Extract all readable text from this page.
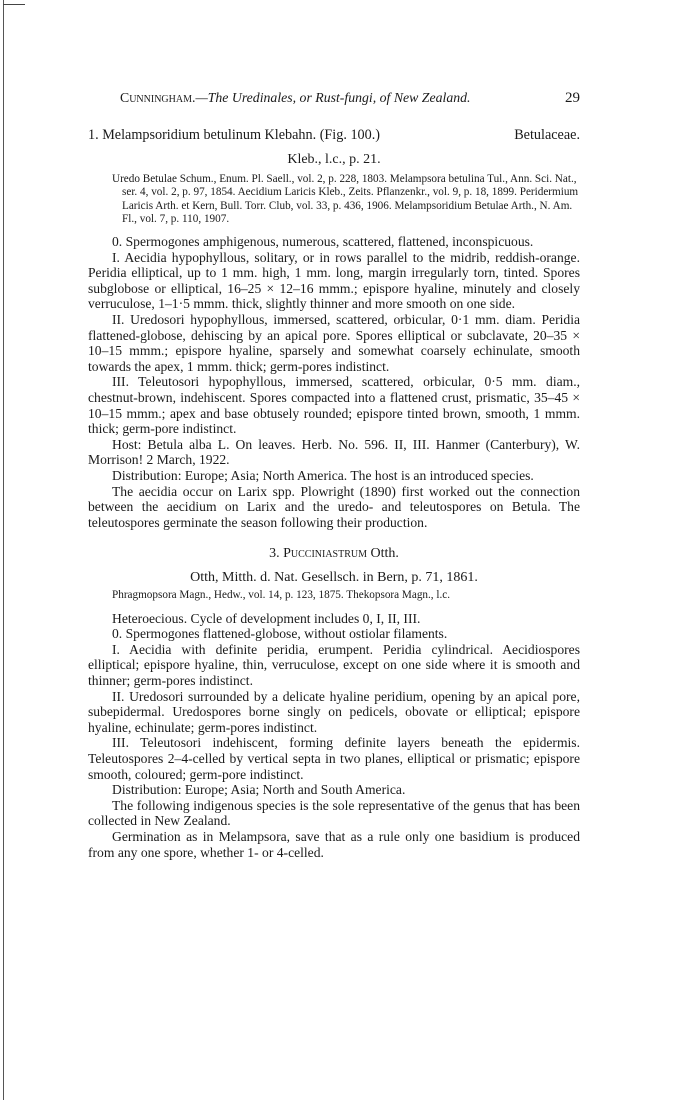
Cunningham.—The Uredinales, or Rust-fungi, of New Zealand.	29
1. Melampsoridium betulinum Klebahn. (Fig. 100.)	Betulaceae.
Kleb., l.c., p. 21.
Uredo Betulae Schum., Enum. Pl. Saell., vol. 2, p. 228, 1803. Melampsora betulina Tul., Ann. Sci. Nat., ser. 4, vol. 2, p. 97, 1854. Aecidium Laricis Kleb., Zeits. Pflanzenkr., vol. 9, p. 18, 1899. Peridermium Laricis Arth. et Kern, Bull. Torr. Club, vol. 33, p. 436, 1906. Melampsoridium Betulae Arth., N. Am. Fl., vol. 7, p. 110, 1907.

0. Spermogones amphigenous, numerous, scattered, flattened, inconspicuous.

I. Aecidia hypophyllous, solitary, or in rows parallel to the midrib, reddish-orange. Peridia elliptical, up to 1 mm. high, 1 mm. long, margin irregularly torn, tinted. Spores subglobose or elliptical, 16–25 × 12–16 mmm.; epispore hyaline, minutely and closely verruculose, 1–1·5 mmm. thick, slightly thinner and more smooth on one side.

II. Uredosori hypophyllous, immersed, scattered, orbicular, 0·1 mm. diam. Peridia flattened-globose, dehiscing by an apical pore. Spores elliptical or subclavate, 20–35 × 10–15 mmm.; epispore hyaline, sparsely and somewhat coarsely echinulate, smooth towards the apex, 1 mmm. thick; germ-pores indistinct.

III. Teleutosori hypophyllous, immersed, scattered, orbicular, 0·5 mm. diam., chestnut-brown, indehiscent. Spores compacted into a flattened crust, prismatic, 35–45 × 10–15 mmm.; apex and base obtusely rounded; epispore tinted brown, smooth, 1 mmm. thick; germ-pore indistinct.

Host: Betula alba L. On leaves. Herb. No. 596. II, III. Hanmer (Canterbury), W. Morrison! 2 March, 1922.

Distribution: Europe; Asia; North America. The host is an introduced species.

The aecidia occur on Larix spp. Plowright (1890) first worked out the connection between the aecidium on Larix and the uredo- and teleutospores on Betula. The teleutospores germinate the season following their production.

3. Pucciniastrum Otth.
Otth, Mitth. d. Nat. Gesellsch. in Bern, p. 71, 1861.
Phragmopsora Magn., Hedw., vol. 14, p. 123, 1875. Thekopsora Magn., l.c.

Heteroecious. Cycle of development includes 0, I, II, III.

0. Spermogones flattened-globose, without ostiolar filaments.

I. Aecidia with definite peridia, erumpent. Peridia cylindrical. Aecidiospores elliptical; epispore hyaline, thin, verruculose, except on one side where it is smooth and thinner; germ-pores indistinct.

II. Uredosori surrounded by a delicate hyaline peridium, opening by an apical pore, subepidermal. Uredospores borne singly on pedicels, obovate or elliptical; epispore hyaline, echinulate; germ-pores indistinct.

III. Teleutosori indehiscent, forming definite layers beneath the epidermis. Teleutospores 2–4-celled by vertical septa in two planes, elliptical or prismatic; epispore smooth, coloured; germ-pore indistinct.

Distribution: Europe; Asia; North and South America.

The following indigenous species is the sole representative of the genus that has been collected in New Zealand.

Germination as in Melampsora, save that as a rule only one basidium is produced from any one spore, whether 1- or 4-celled.
